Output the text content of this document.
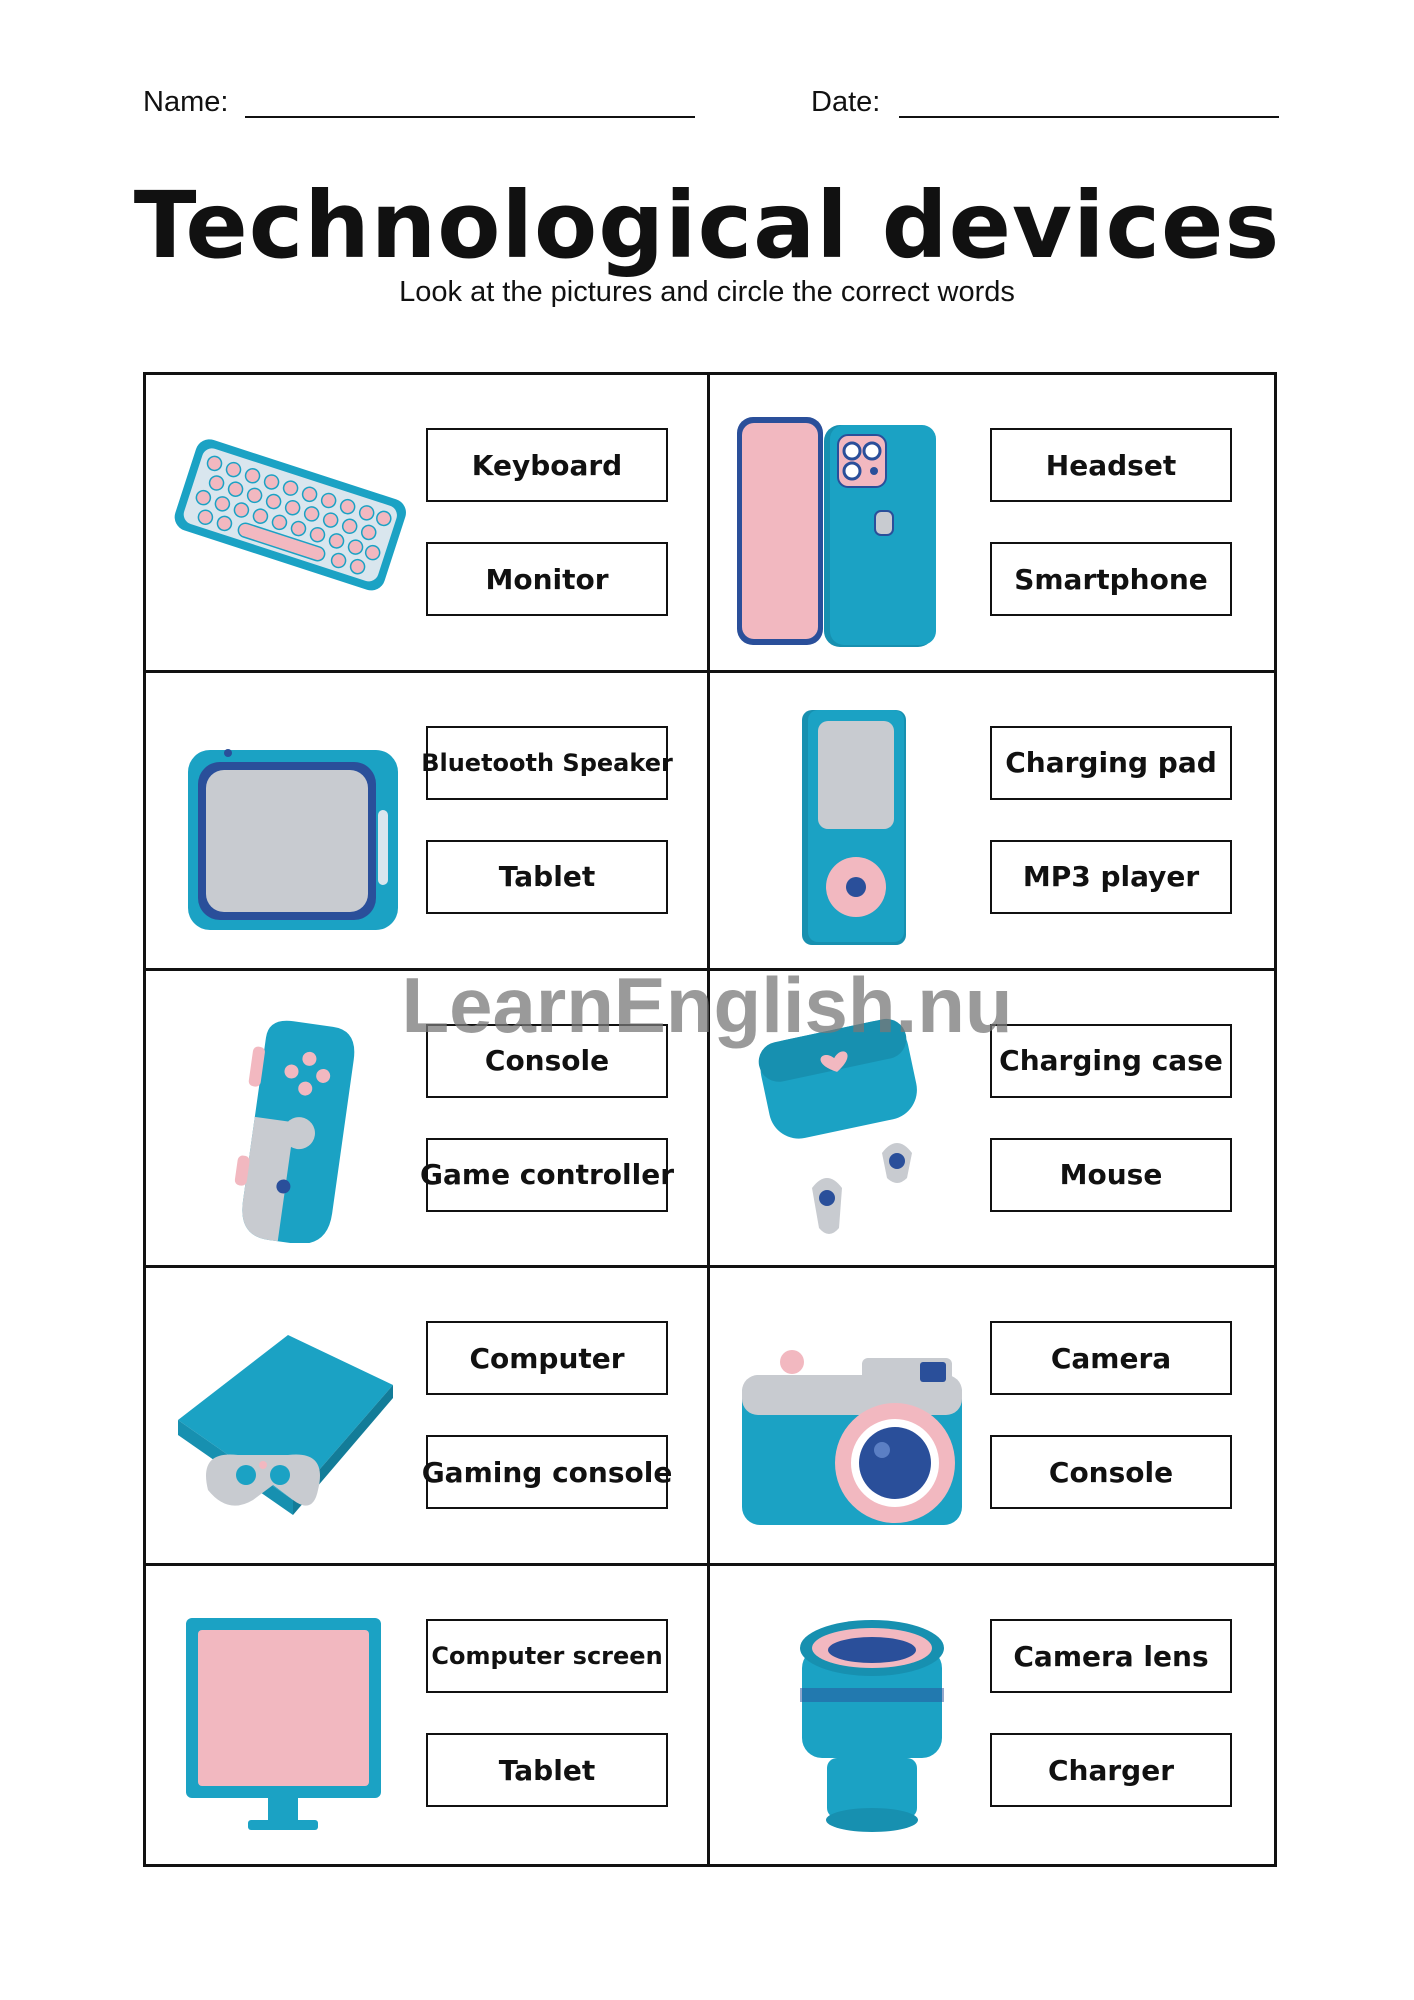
Name:	Date:
Technological devices
Look at the pictures and circle the correct words
Keyboard
Monitor
Headset
Smartphone
Bluetooth Speaker
Tablet
Charging pad
MP3 player
Console
Game controller
Charging case
Mouse
Computer
Gaming console
Camera
Console
Computer screen
Tablet
Camera lens
Charger
LearnEnglish.nu
